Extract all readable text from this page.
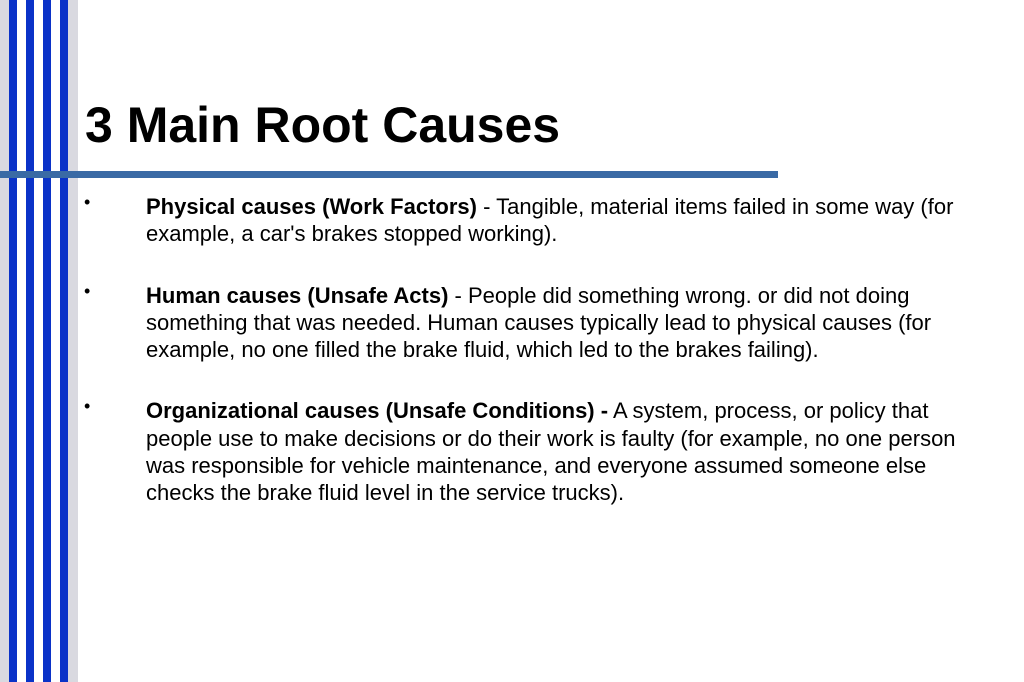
3 Main Root Causes
•	Physical causes (Work Factors) - Tangible, material items failed in some way (for example, a car's brakes stopped working).
•	Human causes (Unsafe Acts) - People did something wrong. or did not doing something that was needed. Human causes typically lead to physical causes (for example, no one filled the brake fluid, which led to the brakes failing).
•	Organizational causes (Unsafe Conditions) - A system, process, or policy that people use to make decisions or do their work is faulty (for example, no one person was responsible for vehicle maintenance, and everyone assumed someone else checks the brake fluid level in the service trucks).
